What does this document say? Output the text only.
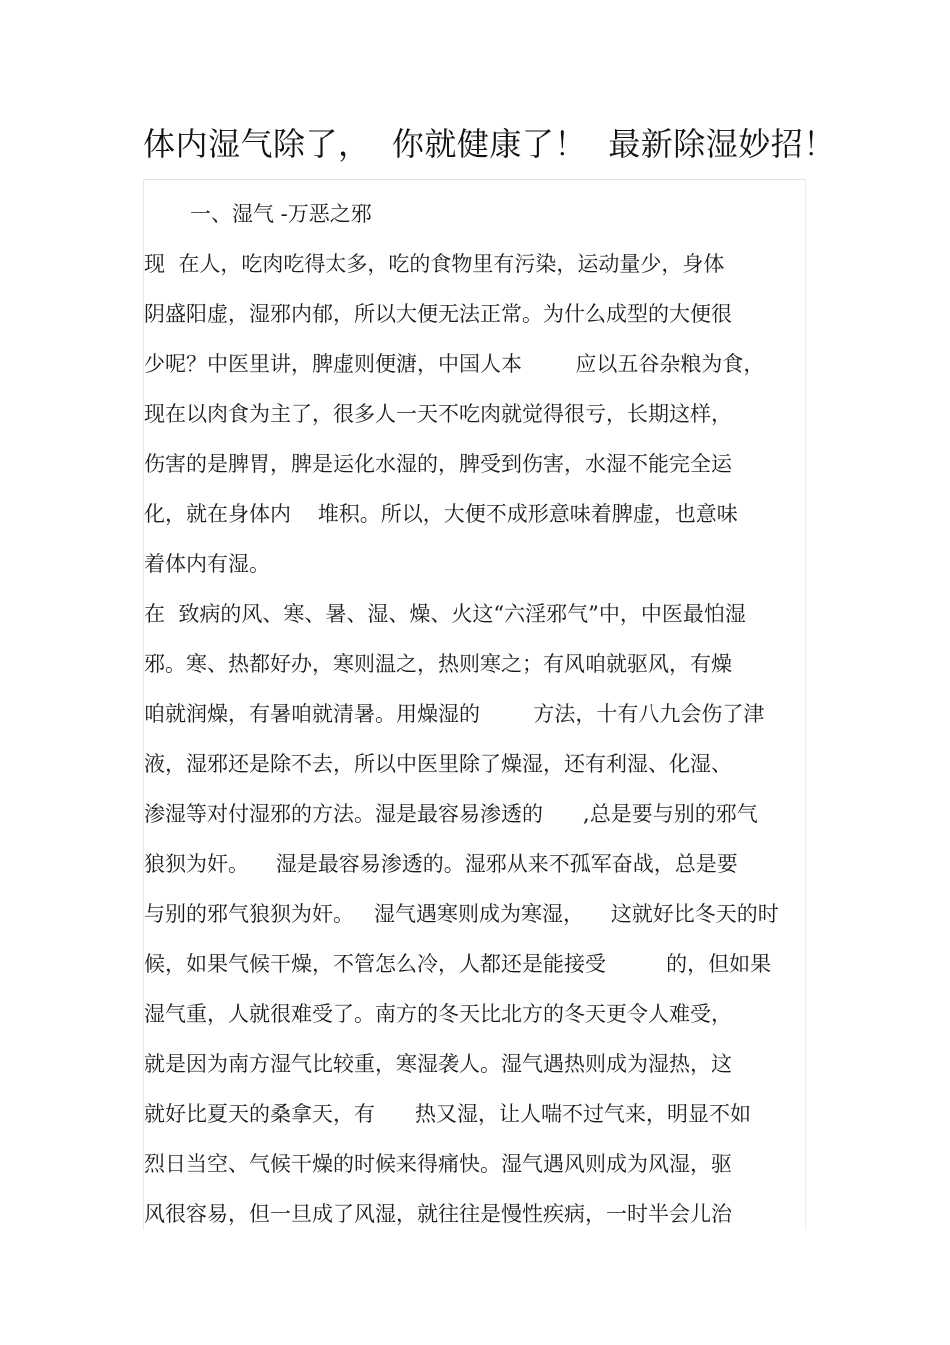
体内湿气除了，  你就健康了！  最新除湿妙招！
一、湿气 -万恶之邪
现  在人，吃肉吃得太多，吃的食物里有污染，运动量少，身体
阴盛阳虚，湿邪内郁，所以大便无法正常。为什么成型的大便很
少呢？中医里讲，脾虚则便溏，中国人本        应以五谷杂粮为食，
现在以肉食为主了，很多人一天不吃肉就觉得很亏，长期这样，
伤害的是脾胃，脾是运化水湿的，脾受到伤害，水湿不能完全运
化，就在身体内    堆积。所以，大便不成形意味着脾虚，也意味
着体内有湿。
在  致病的风、寒、暑、湿、燥、火这“六淫邪气”中，中医最怕湿
邪。寒、热都好办，寒则温之，热则寒之；有风咱就驱风，有燥
咱就润燥，有暑咱就清暑。用燥湿的        方法，十有八九会伤了津
液，湿邪还是除不去，所以中医里除了燥湿，还有利湿、化湿、
渗湿等对付湿邪的方法。湿是最容易渗透的      ,总是要与别的邪气
狼狈为奸。    湿是最容易渗透的。湿邪从来不孤军奋战，总是要
与别的邪气狼狈为奸。   湿气遇寒则成为寒湿，    这就好比冬天的时
候，如果气候干燥，不管怎么冷，人都还是能接受         的，但如果
湿气重，人就很难受了。南方的冬天比北方的冬天更令人难受，
就是因为南方湿气比较重，寒湿袭人。湿气遇热则成为湿热，这
就好比夏天的桑拿天，有      热又湿，让人喘不过气来，明显不如
烈日当空、气候干燥的时候来得痛快。湿气遇风则成为风湿，驱
风很容易，但一旦成了风湿，就往往是慢性疾病，一时半会儿治
